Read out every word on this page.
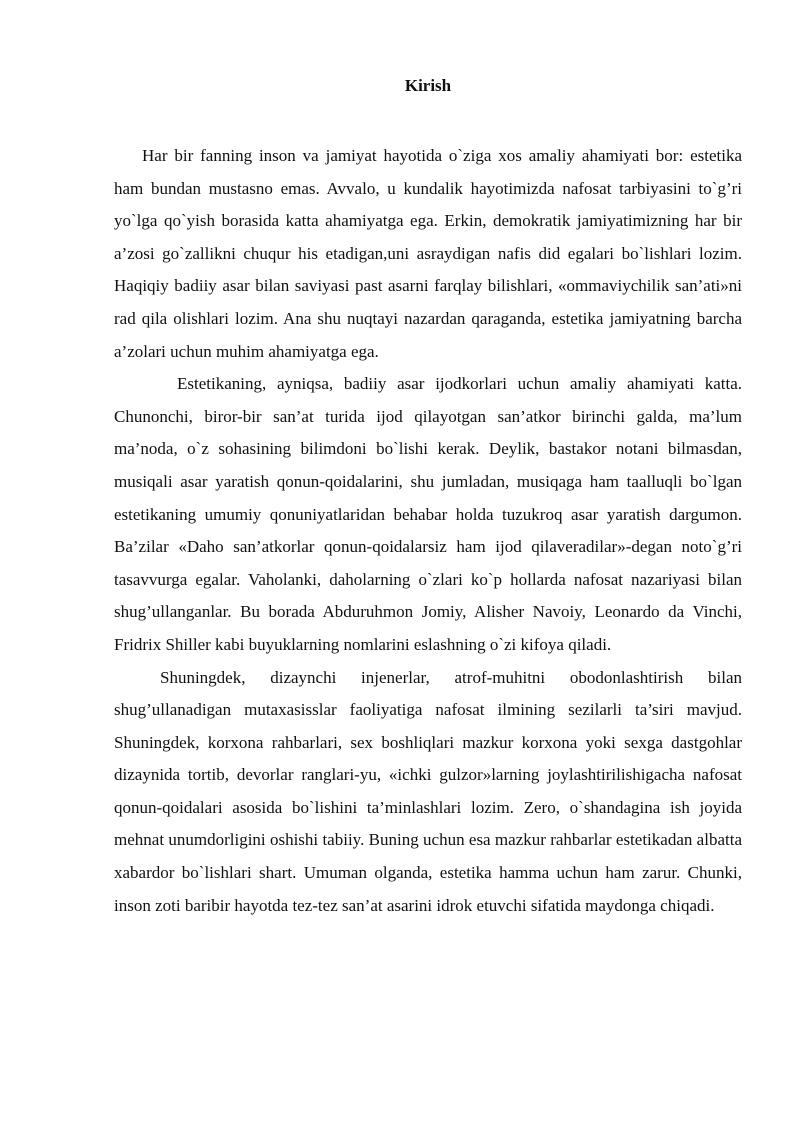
Kirish

Har bir fanning inson va jamiyat hayotida o`ziga xos amaliy ahamiyati bor: estetika ham bundan mustasno emas. Avvalo, u kundalik hayotimizda nafosat tarbiyasini to`g’ri yo`lga qo`yish borasida katta ahamiyatga ega. Erkin, demokratik jamiyatimizning har bir a’zosi go`zallikni chuqur his etadigan,uni asraydigan nafis did egalari bo`lishlari lozim. Haqiqiy badiiy asar bilan saviyasi past asarni farqlay bilishlari, «ommaviychilik san’ati»ni rad qila olishlari lozim. Ana shu nuqtayi nazardan qaraganda, estetika jamiyatning barcha a’zolari uchun muhim ahamiyatga ega.

Estetikaning, ayniqsa, badiiy asar ijodkorlari uchun amaliy ahamiyati katta. Chunonchi, biror-bir san’at turida ijod qilayotgan san’atkor birinchi galda, ma’lum ma’noda, o`z sohasining bilimdoni bo`lishi kerak. Deylik, bastakor notani bilmasdan, musiqali asar yaratish qonun-qoidalarini, shu jumladan, musiqaga ham taalluqli bo`lgan estetikaning umumiy qonuniyatlaridan behabar holda tuzukroq asar yaratish dargumon. Ba’zilar «Daho san’atkorlar qonun-qoidalarsiz ham ijod qilaveradilar»-degan noto`g’ri tasavvurga egalar. Vaholanki, daholarning o`zlari ko`p hollarda nafosat nazariyasi bilan shug’ullanganlar. Bu borada Abduruhmon Jomiy, Alisher Navoiy, Leonardo da Vinchi, Fridrix Shiller kabi buyuklarning nomlarini eslashning o`zi kifoya qiladi.

Shuningdek, dizaynchi injenerlar, atrof-muhitni obodonlashtirish bilan shug’ullanadigan mutaxasisslar faoliyatiga nafosat ilmining sezilarli ta’siri mavjud. Shuningdek, korxona rahbarlari, sex boshliqlari mazkur korxona yoki sexga dastgohlar dizaynida tortib, devorlar ranglari-yu, «ichki gulzor»larning joylashtirilishigacha nafosat qonun-qoidalari asosida bo`lishini ta’minlashlari lozim. Zero, o`shandagina ish joyida mehnat unumdorligini oshishi tabiiy. Buning uchun esa mazkur rahbarlar estetikadan albatta xabardor bo`lishlari shart. Umuman olganda, estetika hamma uchun ham zarur. Chunki, inson zoti baribir hayotda tez-tez san’at asarini idrok etuvchi sifatida maydonga chiqadi.
